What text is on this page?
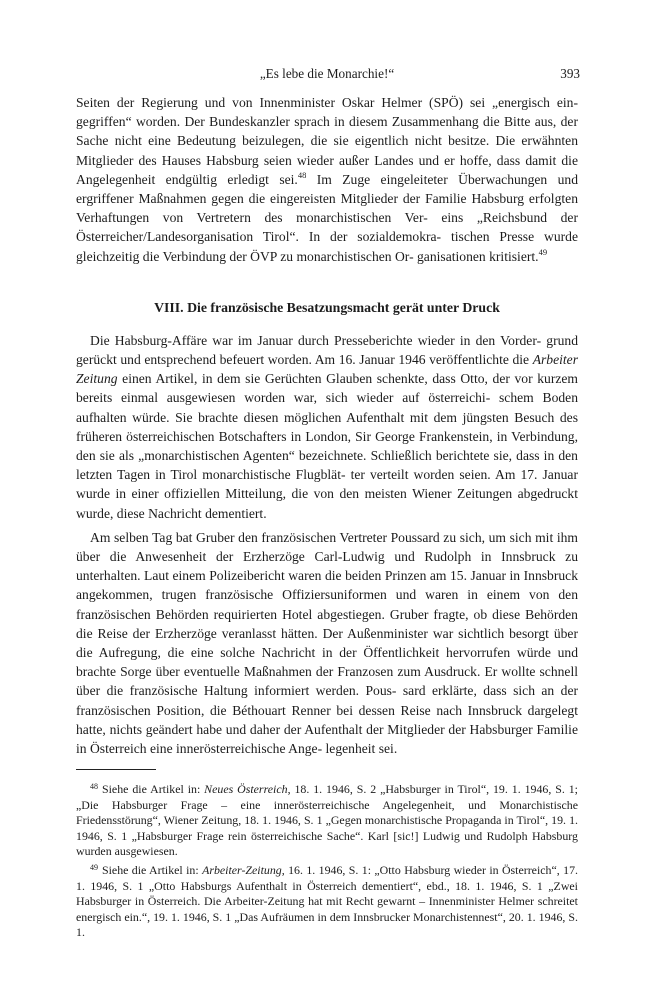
„Es lebe die Monarchie!“	393

Seiten der Regierung und von Innenminister Oskar Helmer (SPÖ) sei „energisch ein- gegriffen“ worden. Der Bundeskanzler sprach in diesem Zusammenhang die Bitte aus, der Sache nicht eine Bedeutung beizulegen, die sie eigentlich nicht besitze. Die erwähnten Mitglieder des Hauses Habsburg seien wieder außer Landes und er hoffe, dass damit die Angelegenheit endgültig erledigt sei.$^{48}$ Im Zuge eingeleiteter Überwachungen und ergriffener Maßnahmen gegen die eingereisten Mitglieder der Familie Habsburg erfolgten Verhaftungen von Vertretern des monarchistischen Ver- eins „Reichsbund der Österreicher/Landesorganisation Tirol“. In der sozialdemokra- tischen Presse wurde gleichzeitig die Verbindung der ÖVP zu monarchistischen Or- ganisationen kritisiert.$^{49}$

VIII. Die französische Besatzungsmacht gerät unter Druck

Die Habsburg-Affäre war im Januar durch Presseberichte wieder in den Vorder- grund gerückt und entsprechend befeuert worden. Am 16. Januar 1946 veröffentlichte die Arbeiter Zeitung einen Artikel, in dem sie Gerüchten Glauben schenkte, dass Otto, der vor kurzem bereits einmal ausgewiesen worden war, sich wieder auf österreichi- schem Boden aufhalten würde. Sie brachte diesen möglichen Aufenthalt mit dem jüngsten Besuch des früheren österreichischen Botschafters in London, Sir George Frankenstein, in Verbindung, den sie als „monarchistischen Agenten“ bezeichnete. Schließlich berichtete sie, dass in den letzten Tagen in Tirol monarchistische Flugblät- ter verteilt worden seien. Am 17. Januar wurde in einer offiziellen Mitteilung, die von den meisten Wiener Zeitungen abgedruckt wurde, diese Nachricht dementiert.

Am selben Tag bat Gruber den französischen Vertreter Poussard zu sich, um sich mit ihm über die Anwesenheit der Erzherzöge Carl-Ludwig und Rudolph in Innsbruck zu unterhalten. Laut einem Polizeibericht waren die beiden Prinzen am 15. Januar in Innsbruck angekommen, trugen französische Offiziersuniformen und waren in einem von den französischen Behörden requirierten Hotel abgestiegen. Gruber fragte, ob diese Behörden die Reise der Erzherzöge veranlasst hätten. Der Außenminister war sichtlich besorgt über die Aufregung, die eine solche Nachricht in der Öffentlichkeit hervorrufen würde und brachte Sorge über eventuelle Maßnahmen der Franzosen zum Ausdruck. Er wollte schnell über die französische Haltung informiert werden. Pous- sard erklärte, dass sich an der französischen Position, die Béthouart Renner bei dessen Reise nach Innsbruck dargelegt hatte, nichts geändert habe und daher der Aufenthalt der Mitglieder der Habsburger Familie in Österreich eine innerösterreichische Ange- legenheit sei.

$^{48}$ Siehe die Artikel in: Neues Österreich, 18. 1. 1946, S. 2 „Habsburger in Tirol“, 19. 1. 1946, S. 1; „Die Habsburger Frage – eine innerösterreichische Angelegenheit, und Monarchistische Friedensstörung“, Wiener Zeitung, 18. 1. 1946, S. 1 „Gegen monarchistische Propaganda in Tirol“, 19. 1. 1946, S. 1 „Habsburger Frage rein österreichische Sache“. Karl [sic!] Ludwig und Rudolph Habsburg wurden ausgewiesen.

$^{49}$ Siehe die Artikel in: Arbeiter-Zeitung, 16. 1. 1946, S. 1: „Otto Habsburg wieder in Österreich“, 17. 1. 1946, S. 1 „Otto Habsburgs Aufenthalt in Österreich dementiert“, ebd., 18. 1. 1946, S. 1 „Zwei Habsburger in Österreich. Die Arbeiter-Zeitung hat mit Recht gewarnt – Innenminister Helmer schreitet energisch ein.“, 19. 1. 1946, S. 1 „Das Aufräumen in dem Innsbrucker Monarchistennest“, 20. 1. 1946, S. 1.
